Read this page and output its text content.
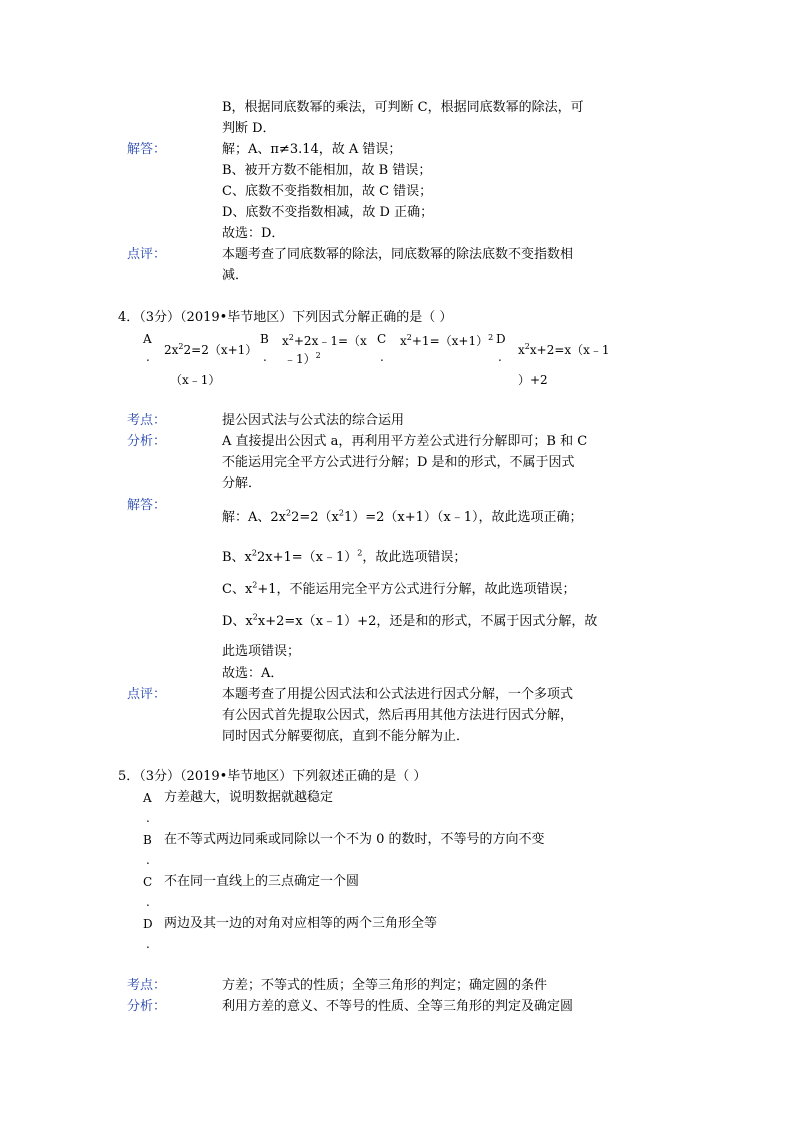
B，根据同底数幂的乘法，可判断 C，根据同底数幂的除法，可
判断 D．
解答：	解；A、π≠3.14，故 A 错误；
B、被开方数不能相加，故 B 错误；
C、底数不变指数相加，故 C 错误；
D、底数不变指数相减，故 D 正确；
故选：D．
点评：	本题考查了同底数幂的除法，同底数幂的除法底数不变指数相
减．
4．（3分）（2019•毕节地区）下列因式分解正确的是（ ）
A
. $2x^22=2(x+1)$
（x﹣1）
B
.
$x^2+2x﹣1=(x$
﹣1）$^2$
C
.
$x^2+1=(x+1)^2$ D
. $x^2x+2=x(x﹣1$
）+2
考点：	提公因式法与公式法的综合运用
分析：	A 直接提出公因式 a，再利用平方差公式进行分解即可；B 和 C
不能运用完全平方公式进行分解；D 是和的形式，不属于因式
分解．
解答：
解：A、$2x^22=2(x^21)=2(x+1)(x﹣1)$，故此选项正确；
B、$x^22x+1=(x﹣1)^2$，故此选项错误；
C、$x^2+1$，不能运用完全平方公式进行分解，故此选项错误；
D、$x^2x+2=x(x﹣1)+2$，还是和的形式，不属于因式分解，故
此选项错误；
故选：A．
点评：	本题考查了用提公因式法和公式法进行因式分解，一个多项式
有公因式首先提取公因式，然后再用其他方法进行因式分解，
同时因式分解要彻底，直到不能分解为止．
5．（3分）（2019•毕节地区）下列叙述正确的是（ ）
A 方差越大，说明数据就越稳定
.
B 在不等式两边同乘或同除以一个不为 0 的数时，不等号的方向不变
.
C 不在同一直线上的三点确定一个圆
.
D 两边及其一边的对角对应相等的两个三角形全等
.
考点：	方差；不等式的性质；全等三角形的判定；确定圆的条件
分析：	利用方差的意义、不等号的性质、全等三角形的判定及确定圆
